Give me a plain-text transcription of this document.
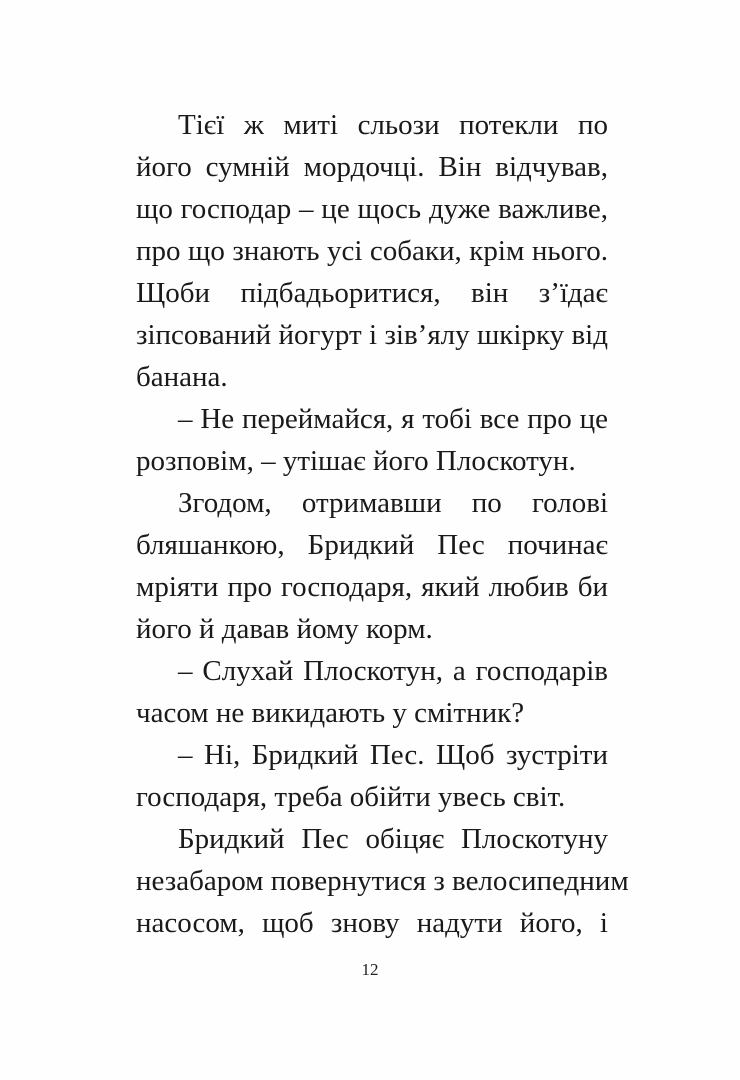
Тієї ж миті сльози потекли по
його сумній мордочці. Він відчував,
що господар – це щось дуже важливе,
про що знають усі собаки, крім нього.
Щоби підбадьоритися, він з’їдає
зіпсований йогурт і зів’ялу шкірку від
банана.
– Не переймайся, я тобі все про це
розповім, – утішає його Плоскотун.
Згодом, отримавши по голові
бляшанкою, Бридкий Пес починає
мріяти про господаря, який любив би
його й давав йому корм.
– Слухай Плоскотун, а господарів
часом не викидають у смітник?
– Ні, Бридкий Пес. Щоб зустріти
господаря, треба обійти увесь світ.
Бридкий Пес обіцяє Плоскотуну
незабаром повернутися з велосипедним
насосом, щоб знову надути його, і
12
